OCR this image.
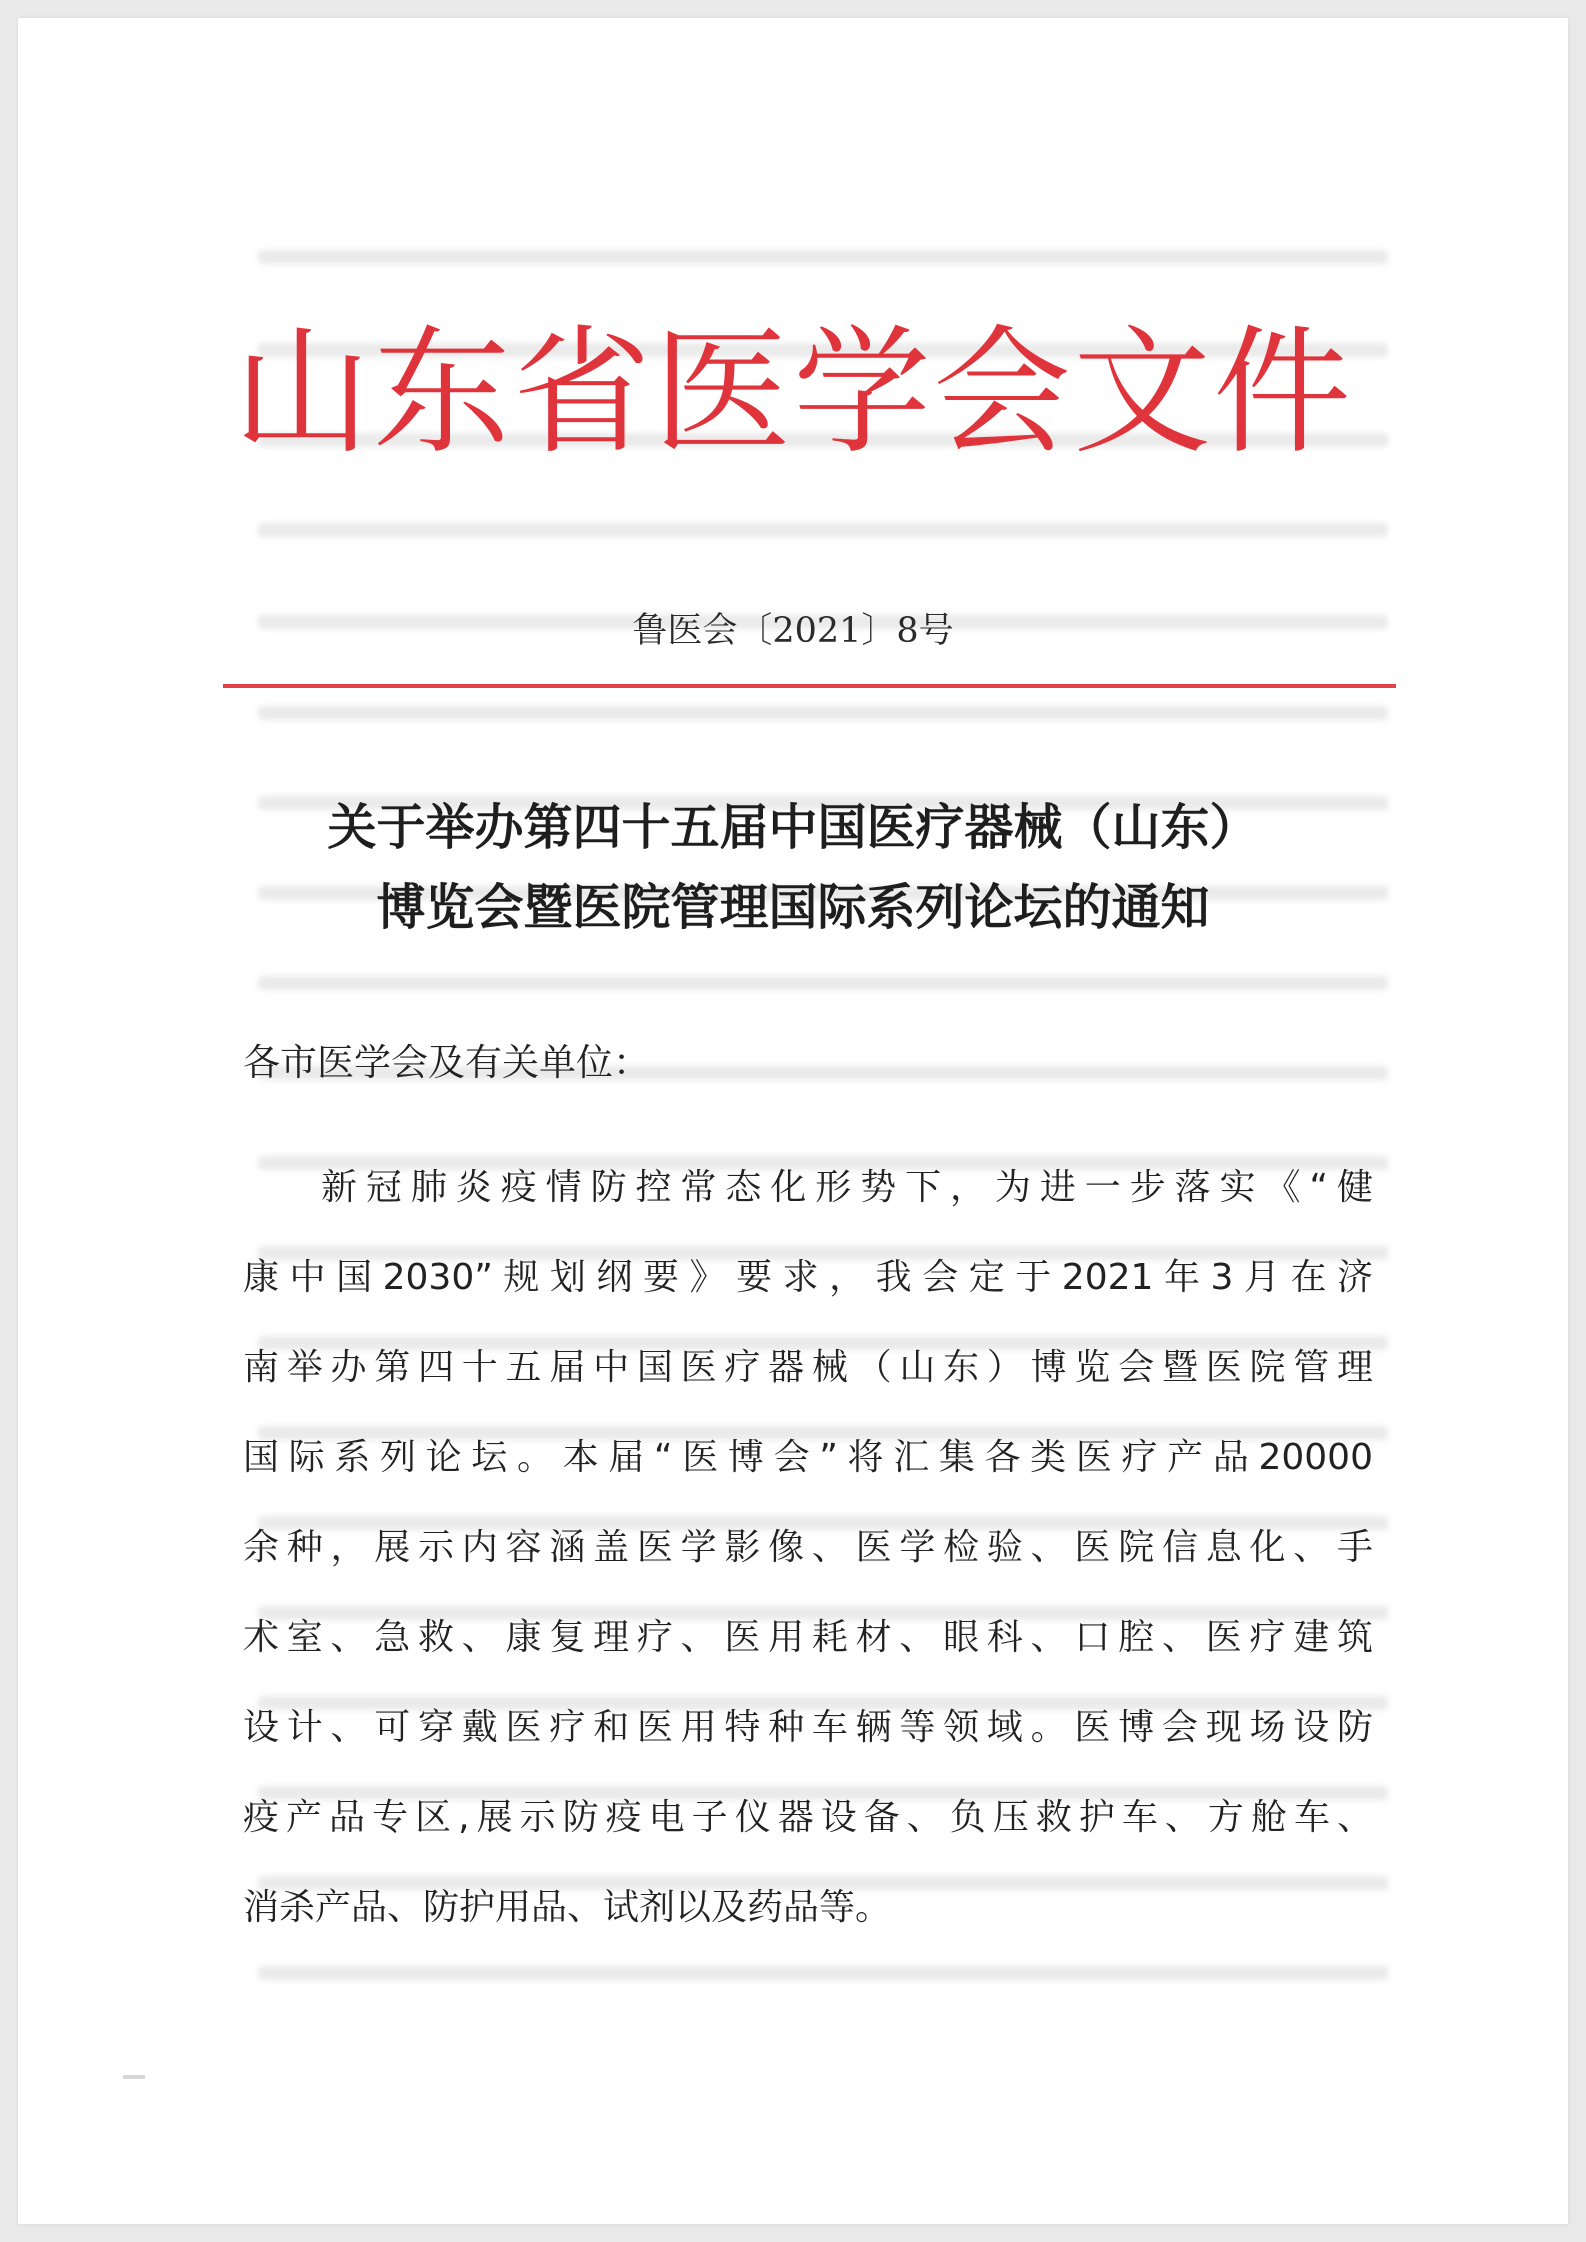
山东省医学会文件
鲁医会〔2021〕8号
关于举办第四十五届中国医疗器械（山东）
博览会暨医院管理国际系列论坛的通知
各市医学会及有关单位：
新冠肺炎疫情防控常态化形势下，为进一步落实《“健
康中国2030”规划纲要》要求，我会定于2021年3月在济
南举办第四十五届中国医疗器械（山东）博览会暨医院管理
国际系列论坛。本届“医博会”将汇集各类医疗产品20000
余种，展示内容涵盖医学影像、医学检验、医院信息化、手
术室、急救、康复理疗、医用耗材、眼科、口腔、医疗建筑
设计、可穿戴医疗和医用特种车辆等领域。医博会现场设防
疫产品专区,展示防疫电子仪器设备、负压救护车、方舱车、
消杀产品、防护用品、试剂以及药品等。
